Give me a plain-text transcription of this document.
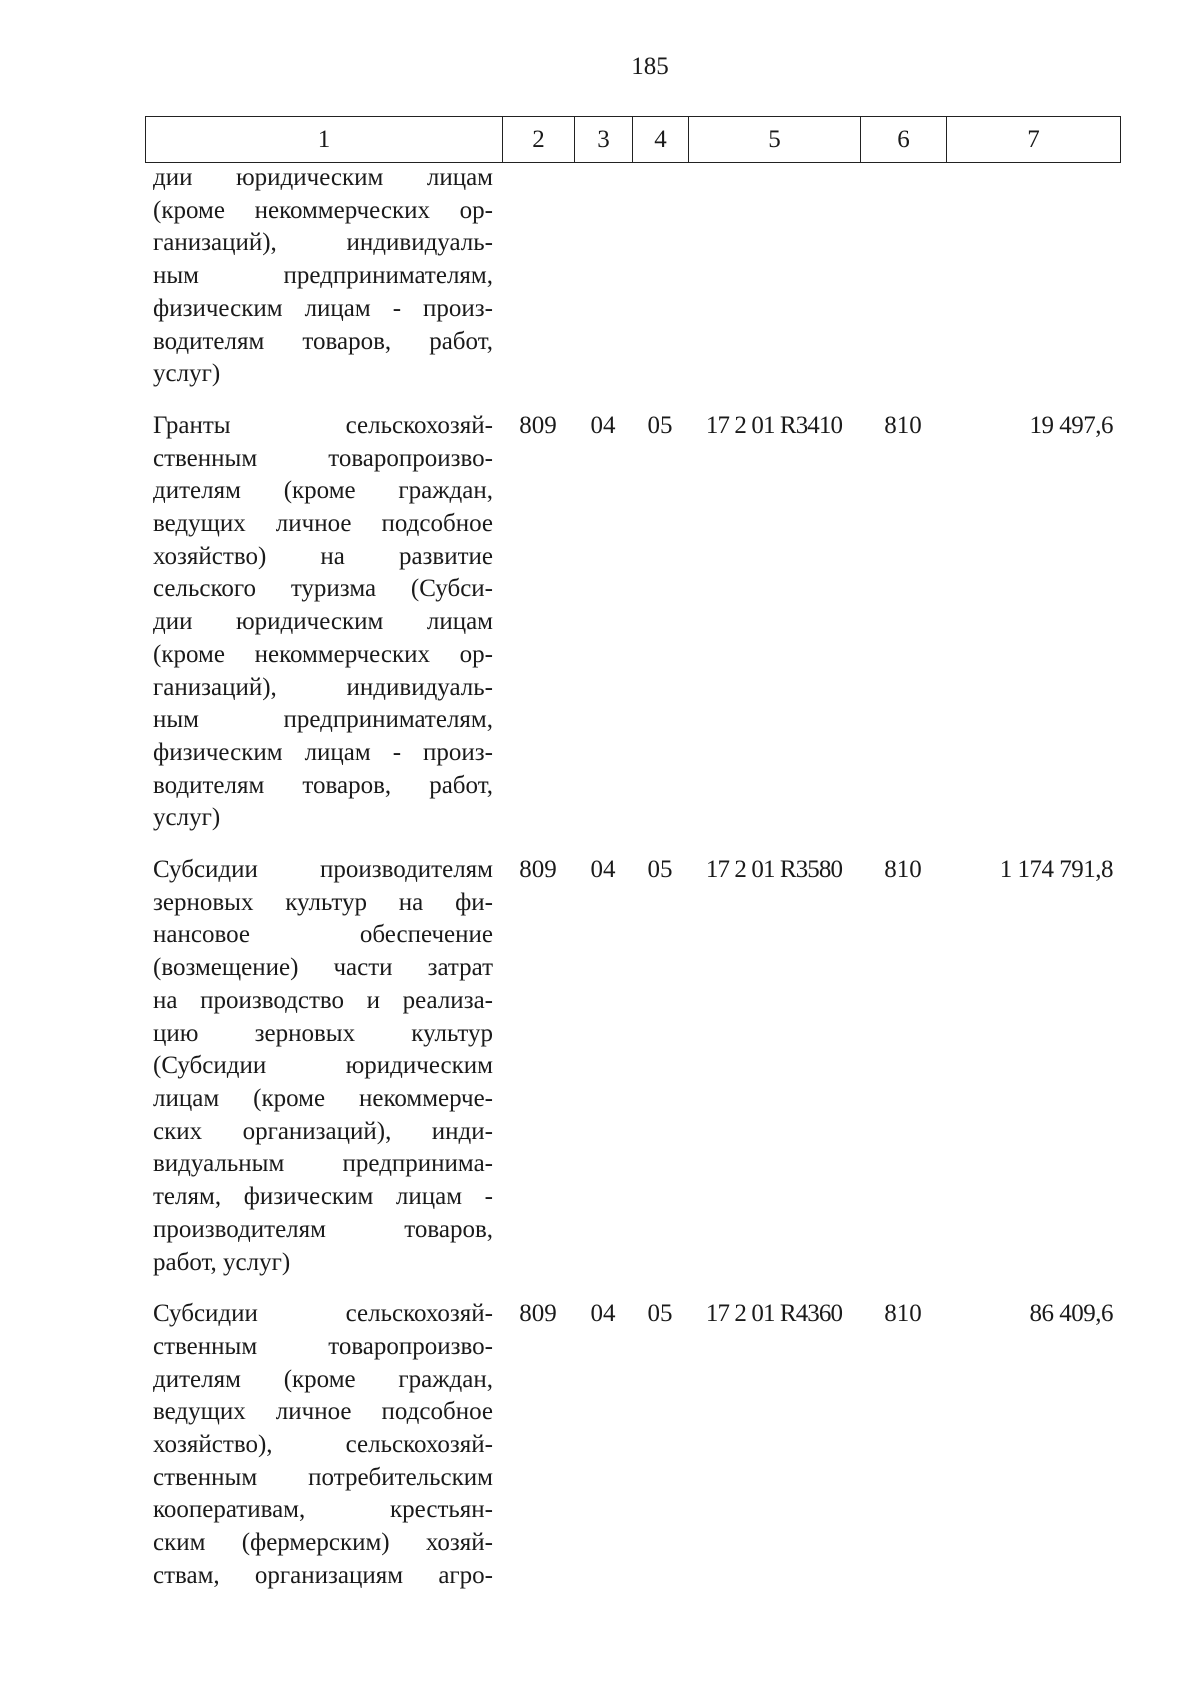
185
1	2	3	4	5	6	7
дии юридическим лицам
(кроме некоммерческих ор-
ганизаций), индивидуаль-
ным предпринимателям,
физическим лицам - произ-
водителям товаров, работ,
услуг)
Гранты сельскохозяй-
ственным товаропроизво-
дителям (кроме граждан,
ведущих личное подсобное
хозяйство) на развитие
сельского туризма (Субси-
дии юридическим лицам
(кроме некоммерческих ор-
ганизаций), индивидуаль-
ным предпринимателям,
физическим лицам - произ-
водителям товаров, работ,
услуг)
809	04	05	17 2 01 R3410	810	19 497,6
Субсидии производителям
зерновых культур на фи-
нансовое обеспечение
(возмещение) части затрат
на производство и реализа-
цию зерновых культур
(Субсидии юридическим
лицам (кроме некоммерче-
ских организаций), инди-
видуальным предпринима-
телям, физическим лицам -
производителям товаров,
работ, услуг)
809	04	05	17 2 01 R3580	810	1 174 791,8
Субсидии сельскохозяй-
ственным товаропроизво-
дителям (кроме граждан,
ведущих личное подсобное
хозяйство), сельскохозяй-
ственным потребительским
кооперативам, крестьян-
ским (фермерским) хозяй-
ствам, организациям агро-
809	04	05	17 2 01 R4360	810	86 409,6
